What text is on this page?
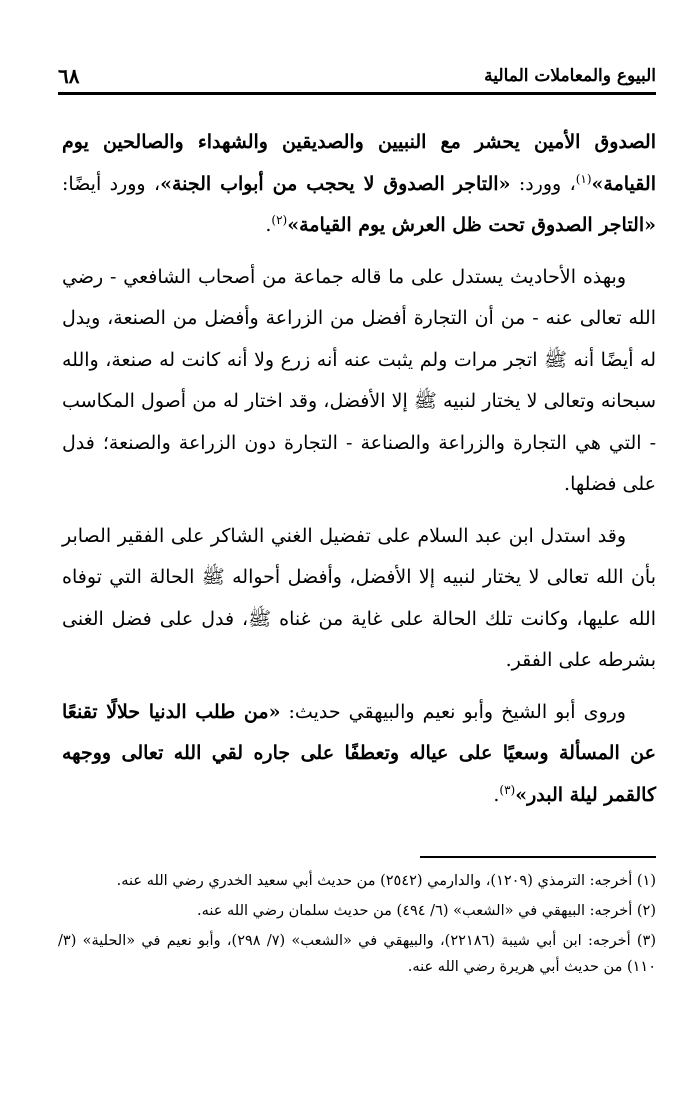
البيوع والمعاملات المالية
٦٨

الصدوق الأمين يحشر مع النبيين والصديقين والشهداء والصالحين يوم القيامة»$^{(١)}$، وورد: «التاجر الصدوق لا يحجب من أبواب الجنة»، وورد أيضًا: «التاجر الصدوق تحت ظل العرش يوم القيامة»$^{(٢)}$.

وبهذه الأحاديث يستدل على ما قاله جماعة من أصحاب الشافعي - رضي الله تعالى عنه - من أن التجارة أفضل من الزراعة وأفضل من الصنعة، ويدل له أيضًا أنه ﷺ اتجر مرات ولم يثبت عنه أنه زرع ولا أنه كانت له صنعة، والله سبحانه وتعالى لا يختار لنبيه ﷺ إلا الأفضل، وقد اختار له من أصول المكاسب - التي هي التجارة والزراعة والصناعة - التجارة دون الزراعة والصنعة؛ فدل على فضلها.

وقد استدل ابن عبد السلام على تفضيل الغني الشاكر على الفقير الصابر بأن الله تعالى لا يختار لنبيه إلا الأفضل، وأفضل أحواله ﷺ الحالة التي توفاه الله عليها، وكانت تلك الحالة على غاية من غناه ﷺ، فدل على فضل الغنى بشرطه على الفقر.

وروى أبو الشيخ وأبو نعيم والبيهقي حديث: «من طلب الدنيا حلالًا تقنعًا عن المسألة وسعيًا على عياله وتعطفًا على جاره لقي الله تعالى ووجهه كالقمر ليلة البدر»$^{(٣)}$.

(١) أخرجه: الترمذي (١٢٠٩)، والدارمي (٢٥٤٢) من حديث أبي سعيد الخدري رضي الله عنه.

(٢) أخرجه: البيهقي في «الشعب» (٦/ ٤٩٤) من حديث سلمان رضي الله عنه.

(٣) أخرجه: ابن أبي شيبة (٢٢١٨٦)، والبيهقي في «الشعب» (٧/ ٢٩٨)، وأبو نعيم في «الحلية» (٣/ ١١٠) من حديث أبي هريرة رضي الله عنه.
